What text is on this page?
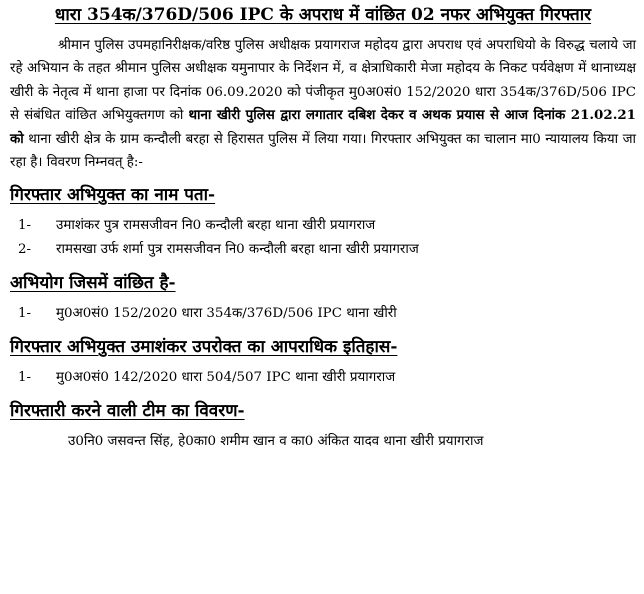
धारा 354क/376D/506 IPC के अपराध में वांछित 02 नफर अभियुक्त गिरफ्तार

श्रीमान पुलिस उपमहानिरीक्षक/वरिष्ठ पुलिस अधीक्षक प्रयागराज महोदय द्वारा अपराध एवं अपराधियो के विरुद्ध चलाये जा रहे अभियान के तहत श्रीमान पुलिस अधीक्षक यमुनापार के निर्देशन में, व क्षेत्राधिकारी मेजा महोदय के निकट पर्यवेक्षण में थानाध्यक्ष खीरी के नेतृत्व में थाना हाजा पर दिनांक 06.09.2020 को पंजीकृत मु0अ0सं0 152/2020 धारा 354क/376D/506 IPC से संबंधित वांछित अभियुक्तगण को थाना खीरी पुलिस द्वारा लगातार दबिश देकर व अथक प्रयास से आज दिनांक 21.02.21 को थाना खीरी क्षेत्र के ग्राम कन्दौली बरहा से हिरासत पुलिस में लिया गया। गिरफ्तार अभियुक्त का चालान मा0 न्यायालय किया जा रहा है। विवरण निम्नवत् है:-

गिरफ्तार अभियुक्त का नाम पता-
1-	उमाशंकर पुत्र रामसजीवन नि0 कन्दौली बरहा थाना खीरी प्रयागराज
2-	रामसखा उर्फ शर्मा पुत्र रामसजीवन नि0 कन्दौली बरहा थाना खीरी प्रयागराज
अभियोग जिसमें वांछित है-
1-	मु0अ0सं0 152/2020 धारा 354क/376D/506 IPC थाना खीरी
गिरफ्तार अभियुक्त उमाशंकर उपरोक्त का आपराधिक इतिहास-
1-	मु0अ0सं0 142/2020 धारा 504/507 IPC थाना खीरी प्रयागराज
गिरफ्तारी करने वाली टीम का विवरण-
उ0नि0 जसवन्त सिंह, हे0का0 शमीम खान व का0 अंकित यादव थाना खीरी प्रयागराज
